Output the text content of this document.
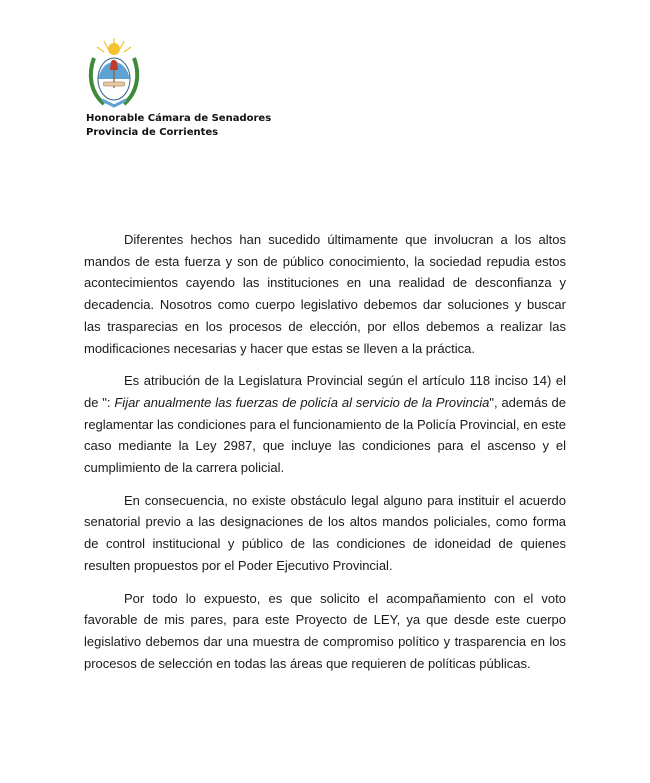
Honorable Cámara de Senadores
Provincia de Corrientes

Diferentes hechos han sucedido últimamente que involucran a los altos mandos de esta fuerza y son de público conocimiento, la sociedad repudia estos acontecimientos cayendo las instituciones en una realidad de desconfianza y decadencia. Nosotros como cuerpo legislativo debemos dar soluciones y buscar las trasparecias en los procesos de elección, por ellos debemos a realizar las modificaciones necesarias y hacer que estas se lleven a la práctica.

Es atribución de la Legislatura Provincial según el artículo 118 inciso 14) el de ": Fijar anualmente las fuerzas de policía al servicio de la Provincia", además de reglamentar las condiciones para el funcionamiento de la Policía Provincial, en este caso mediante la Ley 2987, que incluye las condiciones para el ascenso y el cumplimiento de la carrera policial.

En consecuencia, no existe obstáculo legal alguno para instituir el acuerdo senatorial previo a las designaciones de los altos mandos policiales, como forma de control institucional y público de las condiciones de idoneidad de quienes resulten propuestos por el Poder Ejecutivo Provincial.

Por todo lo expuesto, es que solicito el acompañamiento con el voto favorable de mis pares, para este Proyecto de LEY, ya que desde este cuerpo legislativo debemos dar una muestra de compromiso político y trasparencia en los procesos de selección en todas las áreas que requieren de políticas públicas.
